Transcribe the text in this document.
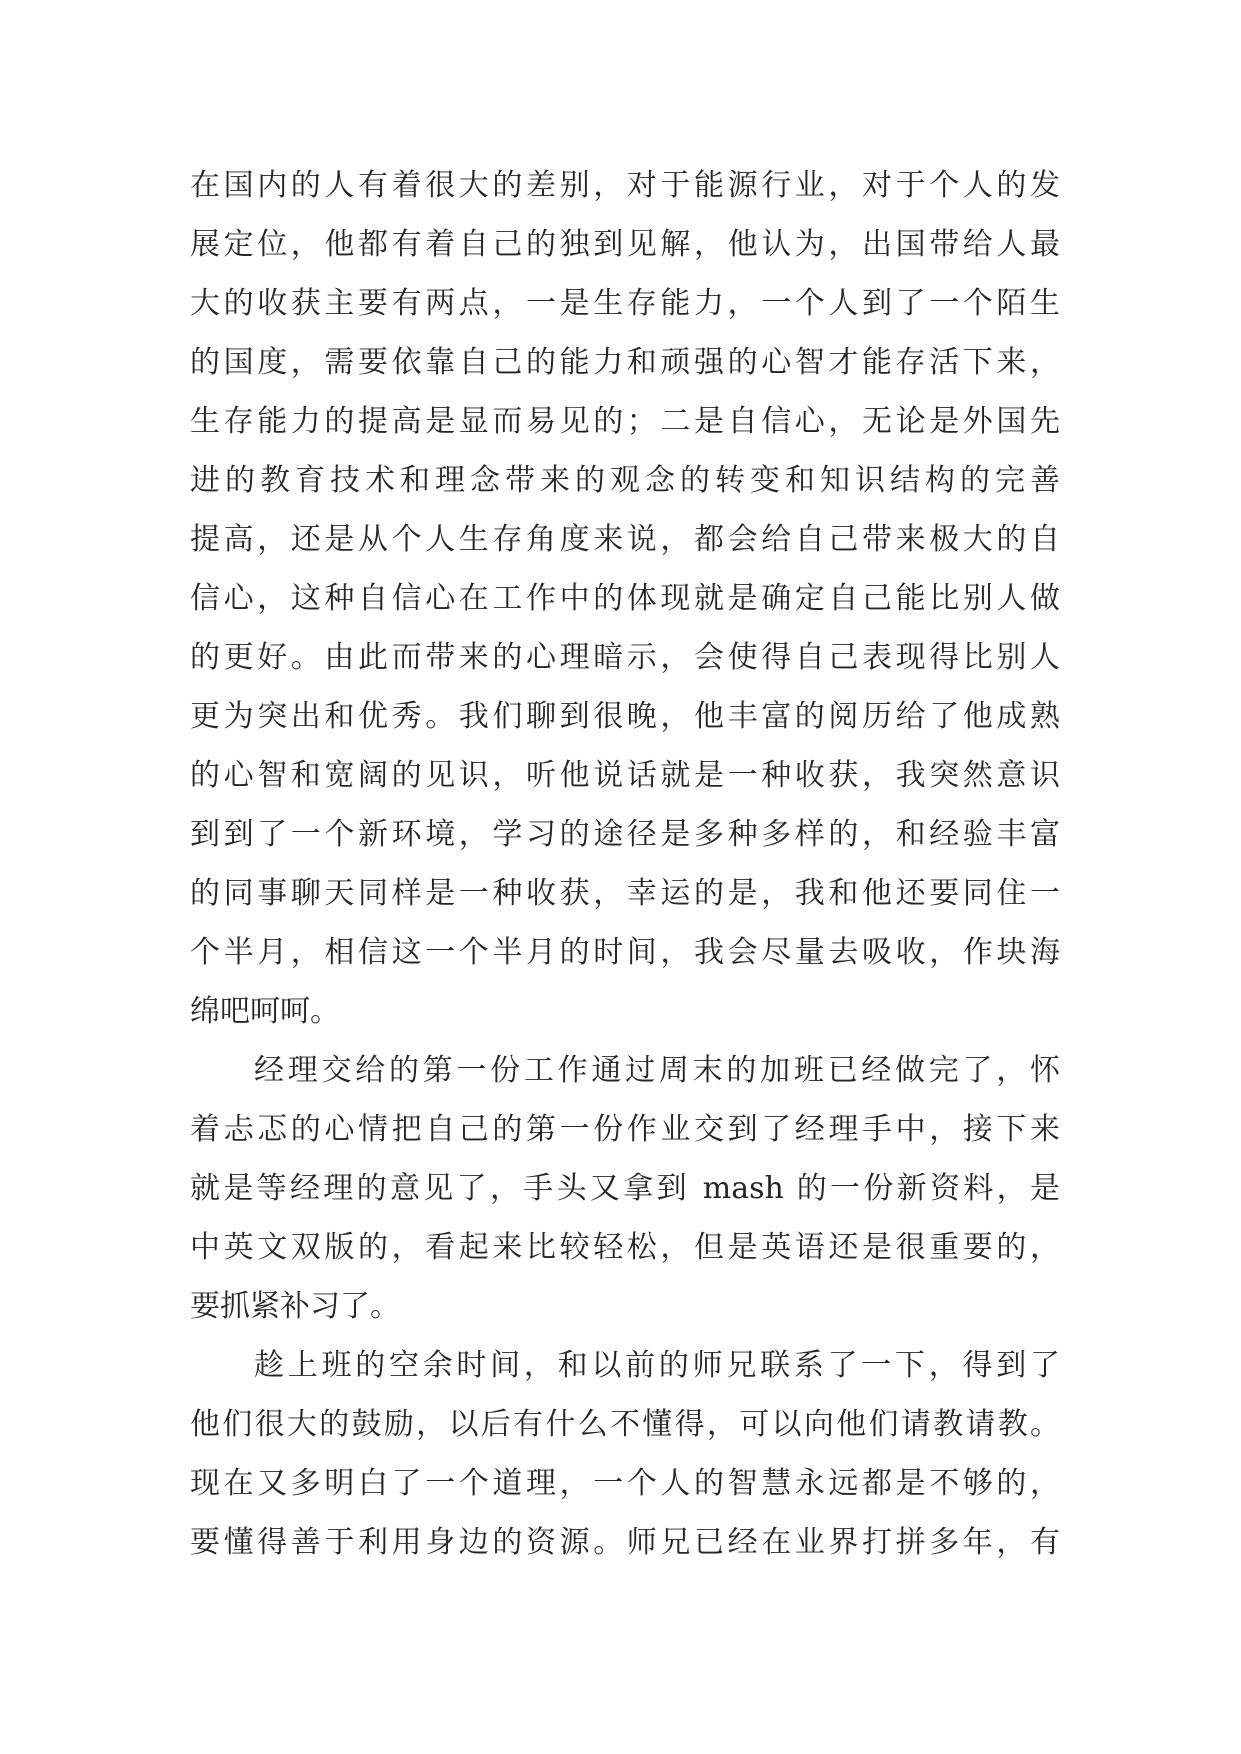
在国内的人有着很大的差别，对于能源行业，对于个人的发
展定位，他都有着自己的独到见解，他认为，出国带给人最
大的收获主要有两点，一是生存能力，一个人到了一个陌生
的国度，需要依靠自己的能力和顽强的心智才能存活下来，
生存能力的提高是显而易见的；二是自信心，无论是外国先
进的教育技术和理念带来的观念的转变和知识结构的完善
提高，还是从个人生存角度来说，都会给自己带来极大的自
信心，这种自信心在工作中的体现就是确定自己能比别人做
的更好。由此而带来的心理暗示，会使得自己表现得比别人
更为突出和优秀。我们聊到很晚，他丰富的阅历给了他成熟
的心智和宽阔的见识，听他说话就是一种收获，我突然意识
到到了一个新环境，学习的途径是多种多样的，和经验丰富
的同事聊天同样是一种收获，幸运的是，我和他还要同住一
个半月，相信这一个半月的时间，我会尽量去吸收，作块海
绵吧呵呵。
经理交给的第一份工作通过周末的加班已经做完了，怀
着忐忑的心情把自己的第一份作业交到了经理手中，接下来
就是等经理的意见了，手头又拿到 mash 的一份新资料，是
中英文双版的，看起来比较轻松，但是英语还是很重要的，
要抓紧补习了。
趁上班的空余时间，和以前的师兄联系了一下，得到了
他们很大的鼓励，以后有什么不懂得，可以向他们请教请教。
现在又多明白了一个道理，一个人的智慧永远都是不够的，
要懂得善于利用身边的资源。师兄已经在业界打拼多年，有
